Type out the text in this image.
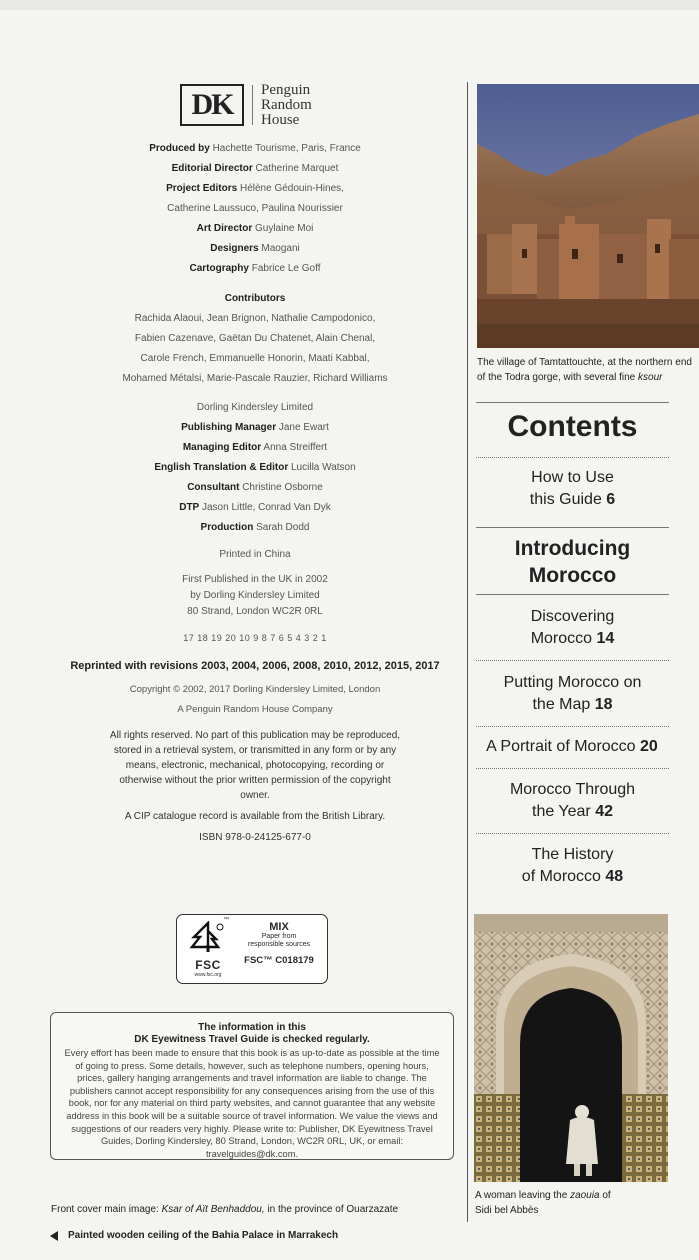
DK Penguin
Random
House
Produced by Hachette Tourisme, Paris, France
Editorial Director Catherine Marquet
Project Editors Hélène Gédouin-Hines,
Catherine Laussuco, Paulina Nourissier
Art Director Guylaine Moi
Designers Maogani
Cartography Fabrice Le Goff
Contributors
Rachida Alaoui, Jean Brignon, Nathalie Campodonico,
Fabien Cazenave, Gaëtan Du Chatenet, Alain Chenal,
Carole French, Emmanuelle Honorin, Maati Kabbal,
Mohamed Métalsi, Marie-Pascale Rauzier, Richard Williams
Dorling Kindersley Limited
Publishing Manager Jane Ewart
Managing Editor Anna Streiffert
English Translation & Editor Lucilla Watson
Consultant Christine Osborne
DTP Jason Little, Conrad Van Dyk
Production Sarah Dodd
Printed in China
First Published in the UK in 2002
by Dorling Kindersley Limited
80 Strand, London WC2R 0RL
17 18 19 20 10 9 8 7 6 5 4 3 2 1
Reprinted with revisions 2003, 2004, 2006, 2008, 2010, 2012, 2015, 2017
Copyright © 2002, 2017 Dorling Kindersley Limited, London
A Penguin Random House Company
All rights reserved. No part of this publication may be reproduced, stored in a retrieval system, or transmitted in any form or by any means, electronic, mechanical, photocopying, recording or otherwise without the prior written permission of the copyright owner.
A CIP catalogue record is available from the British Library.
ISBN 978-0-24125-677-0
FSC
www.fsc.org
™
MIX
Paper from
responsible sources
FSC™ C018179
The information in this
DK Eyewitness Travel Guide is checked regularly.
Every effort has been made to ensure that this book is as up-to-date as possible at the time of going to press. Some details, however, such as telephone numbers, opening hours, prices, gallery hanging arrangements and travel information are liable to change. The publishers cannot accept responsibility for any consequences arising from the use of this book, nor for any material on third party websites, and cannot guarantee that any website address in this book will be a suitable source of travel information. We value the views and suggestions of our readers very highly. Please write to: Publisher, DK Eyewitness Travel Guides, Dorling Kindersley, 80 Strand, London, WC2R 0RL, UK, or email: travelguides@dk.com.
Front cover main image: Ksar of Aït Benhaddou, in the province of Ouarzazate
Painted wooden ceiling of the Bahia Palace in Marrakech
The village of Tamtattouchte, at the northern end of the Todra gorge, with several fine ksour
Contents
How to Use
this Guide 6
Introducing
Morocco
Discovering
Morocco 14
Putting Morocco on
the Map 18
A Portrait of Morocco 20
Morocco Through
the Year 42
The History
of Morocco 48
A woman leaving the zaouia of
Sidi bel Abbès
